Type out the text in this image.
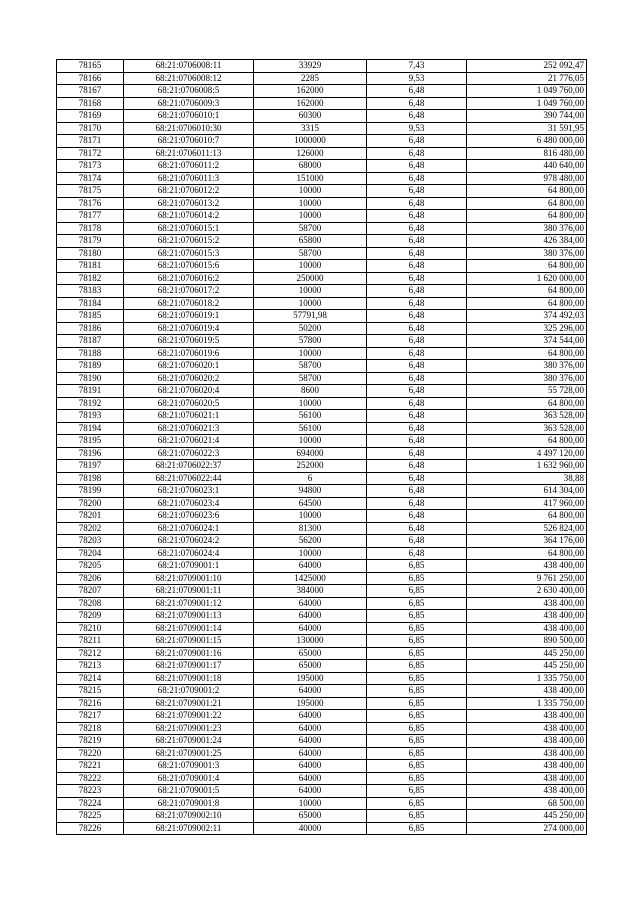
78165	68:21:0706008:11	33929	7,43	252 092,47
78166	68:21:0706008:12	2285	9,53	21 776,05
78167	68:21:0706008:5	162000	6,48	1 049 760,00
78168	68:21:0706009:3	162000	6,48	1 049 760,00
78169	68:21:0706010:1	60300	6,48	390 744,00
78170	68:21:0706010:30	3315	9,53	31 591,95
78171	68:21:0706010:7	1000000	6,48	6 480 000,00
78172	68:21:0706011:13	126000	6,48	816 480,00
78173	68:21:0706011:2	68000	6,48	440 640,00
78174	68:21:0706011:3	151000	6,48	978 480,00
78175	68:21:0706012:2	10000	6,48	64 800,00
78176	68:21:0706013:2	10000	6,48	64 800,00
78177	68:21:0706014:2	10000	6,48	64 800,00
78178	68:21:0706015:1	58700	6,48	380 376,00
78179	68:21:0706015:2	65800	6,48	426 384,00
78180	68:21:0706015:3	58700	6,48	380 376,00
78181	68:21:0706015:6	10000	6,48	64 800,00
78182	68:21:0706016:2	250000	6,48	1 620 000,00
78183	68:21:0706017:2	10000	6,48	64 800,00
78184	68:21:0706018:2	10000	6,48	64 800,00
78185	68:21:0706019:1	57791,98	6,48	374 492,03
78186	68:21:0706019:4	50200	6,48	325 296,00
78187	68:21:0706019:5	57800	6,48	374 544,00
78188	68:21:0706019:6	10000	6,48	64 800,00
78189	68:21:0706020:1	58700	6,48	380 376,00
78190	68:21:0706020:2	58700	6,48	380 376,00
78191	68:21:0706020:4	8600	6,48	55 728,00
78192	68:21:0706020:5	10000	6,48	64 800,00
78193	68:21:0706021:1	56100	6,48	363 528,00
78194	68:21:0706021:3	56100	6,48	363 528,00
78195	68:21:0706021:4	10000	6,48	64 800,00
78196	68:21:0706022:3	694000	6,48	4 497 120,00
78197	68:21:0706022:37	252000	6,48	1 632 960,00
78198	68:21:0706022:44	6	6,48	38,88
78199	68:21:0706023:1	94800	6,48	614 304,00
78200	68:21:0706023:4	64500	6,48	417 960,00
78201	68:21:0706023:6	10000	6,48	64 800,00
78202	68:21:0706024:1	81300	6,48	526 824,00
78203	68:21:0706024:2	56200	6,48	364 176,00
78204	68:21:0706024:4	10000	6,48	64 800,00
78205	68:21:0709001:1	64000	6,85	438 400,00
78206	68:21:0709001:10	1425000	6,85	9 761 250,00
78207	68:21:0709001:11	384000	6,85	2 630 400,00
78208	68:21:0709001:12	64000	6,85	438 400,00
78209	68:21:0709001:13	64000	6,85	438 400,00
78210	68:21:0709001:14	64000	6,85	438 400,00
78211	68:21:0709001:15	130000	6,85	890 500,00
78212	68:21:0709001:16	65000	6,85	445 250,00
78213	68:21:0709001:17	65000	6,85	445 250,00
78214	68:21:0709001:18	195000	6,85	1 335 750,00
78215	68:21:0709001:2	64000	6,85	438 400,00
78216	68:21:0709001:21	195000	6,85	1 335 750,00
78217	68:21:0709001:22	64000	6,85	438 400,00
78218	68:21:0709001:23	64000	6,85	438 400,00
78219	68:21:0709001:24	64000	6,85	438 400,00
78220	68:21:0709001:25	64000	6,85	438 400,00
78221	68:21:0709001:3	64000	6,85	438 400,00
78222	68:21:0709001:4	64000	6,85	438 400,00
78223	68:21:0709001:5	64000	6,85	438 400,00
78224	68:21:0709001:8	10000	6,85	68 500,00
78225	68:21:0709002:10	65000	6,85	445 250,00
78226	68:21:0709002:11	40000	6,85	274 000,00
